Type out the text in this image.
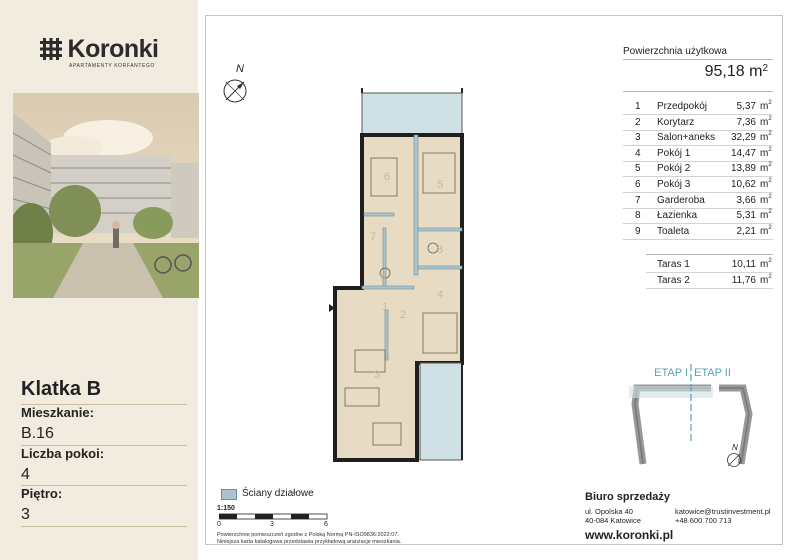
Koronki
APARTAMENTY KORFANTEGO
Klatka B
Mieszkanie:
B.16
Liczba pokoi:
4
Piętro:
3
N
1
2
3
4
5
6
7
8
9
Powierzchnia użytkowa
95,18 $m^2$
1 Przedpokój	5,37 $m^2$
2 Korytarz	7,36 $m^2$
3 Salon+aneks	32,29 $m^2$
4 Pokój 1	14,47 $m^2$
5 Pokój 2	13,89 $m^2$
6 Pokój 3	10,62 $m^2$
7 Garderoba	3,66 $m^2$
8 Łazienka	5,31 $m^2$
9 Toaleta	2,21 $m^2$
Taras 1	10,11 $m^2$
Taras 2	11,76 $m^2$
ETAP I ETAP II
N
Ściany działowe
1:150
0	3	6
Powierzchnie pomieszczeń zgodne z Polską Normą PN-ISO9836:2022:07.
Niniejsza karta katalogowa przedstawia przykładową aranżacje mieszkania.
Biuro sprzedaży
ul. Opolska 40
40-084 Katowice
katowice@trustinvestment.pl
+48 600 700 713
www.koronki.pl
